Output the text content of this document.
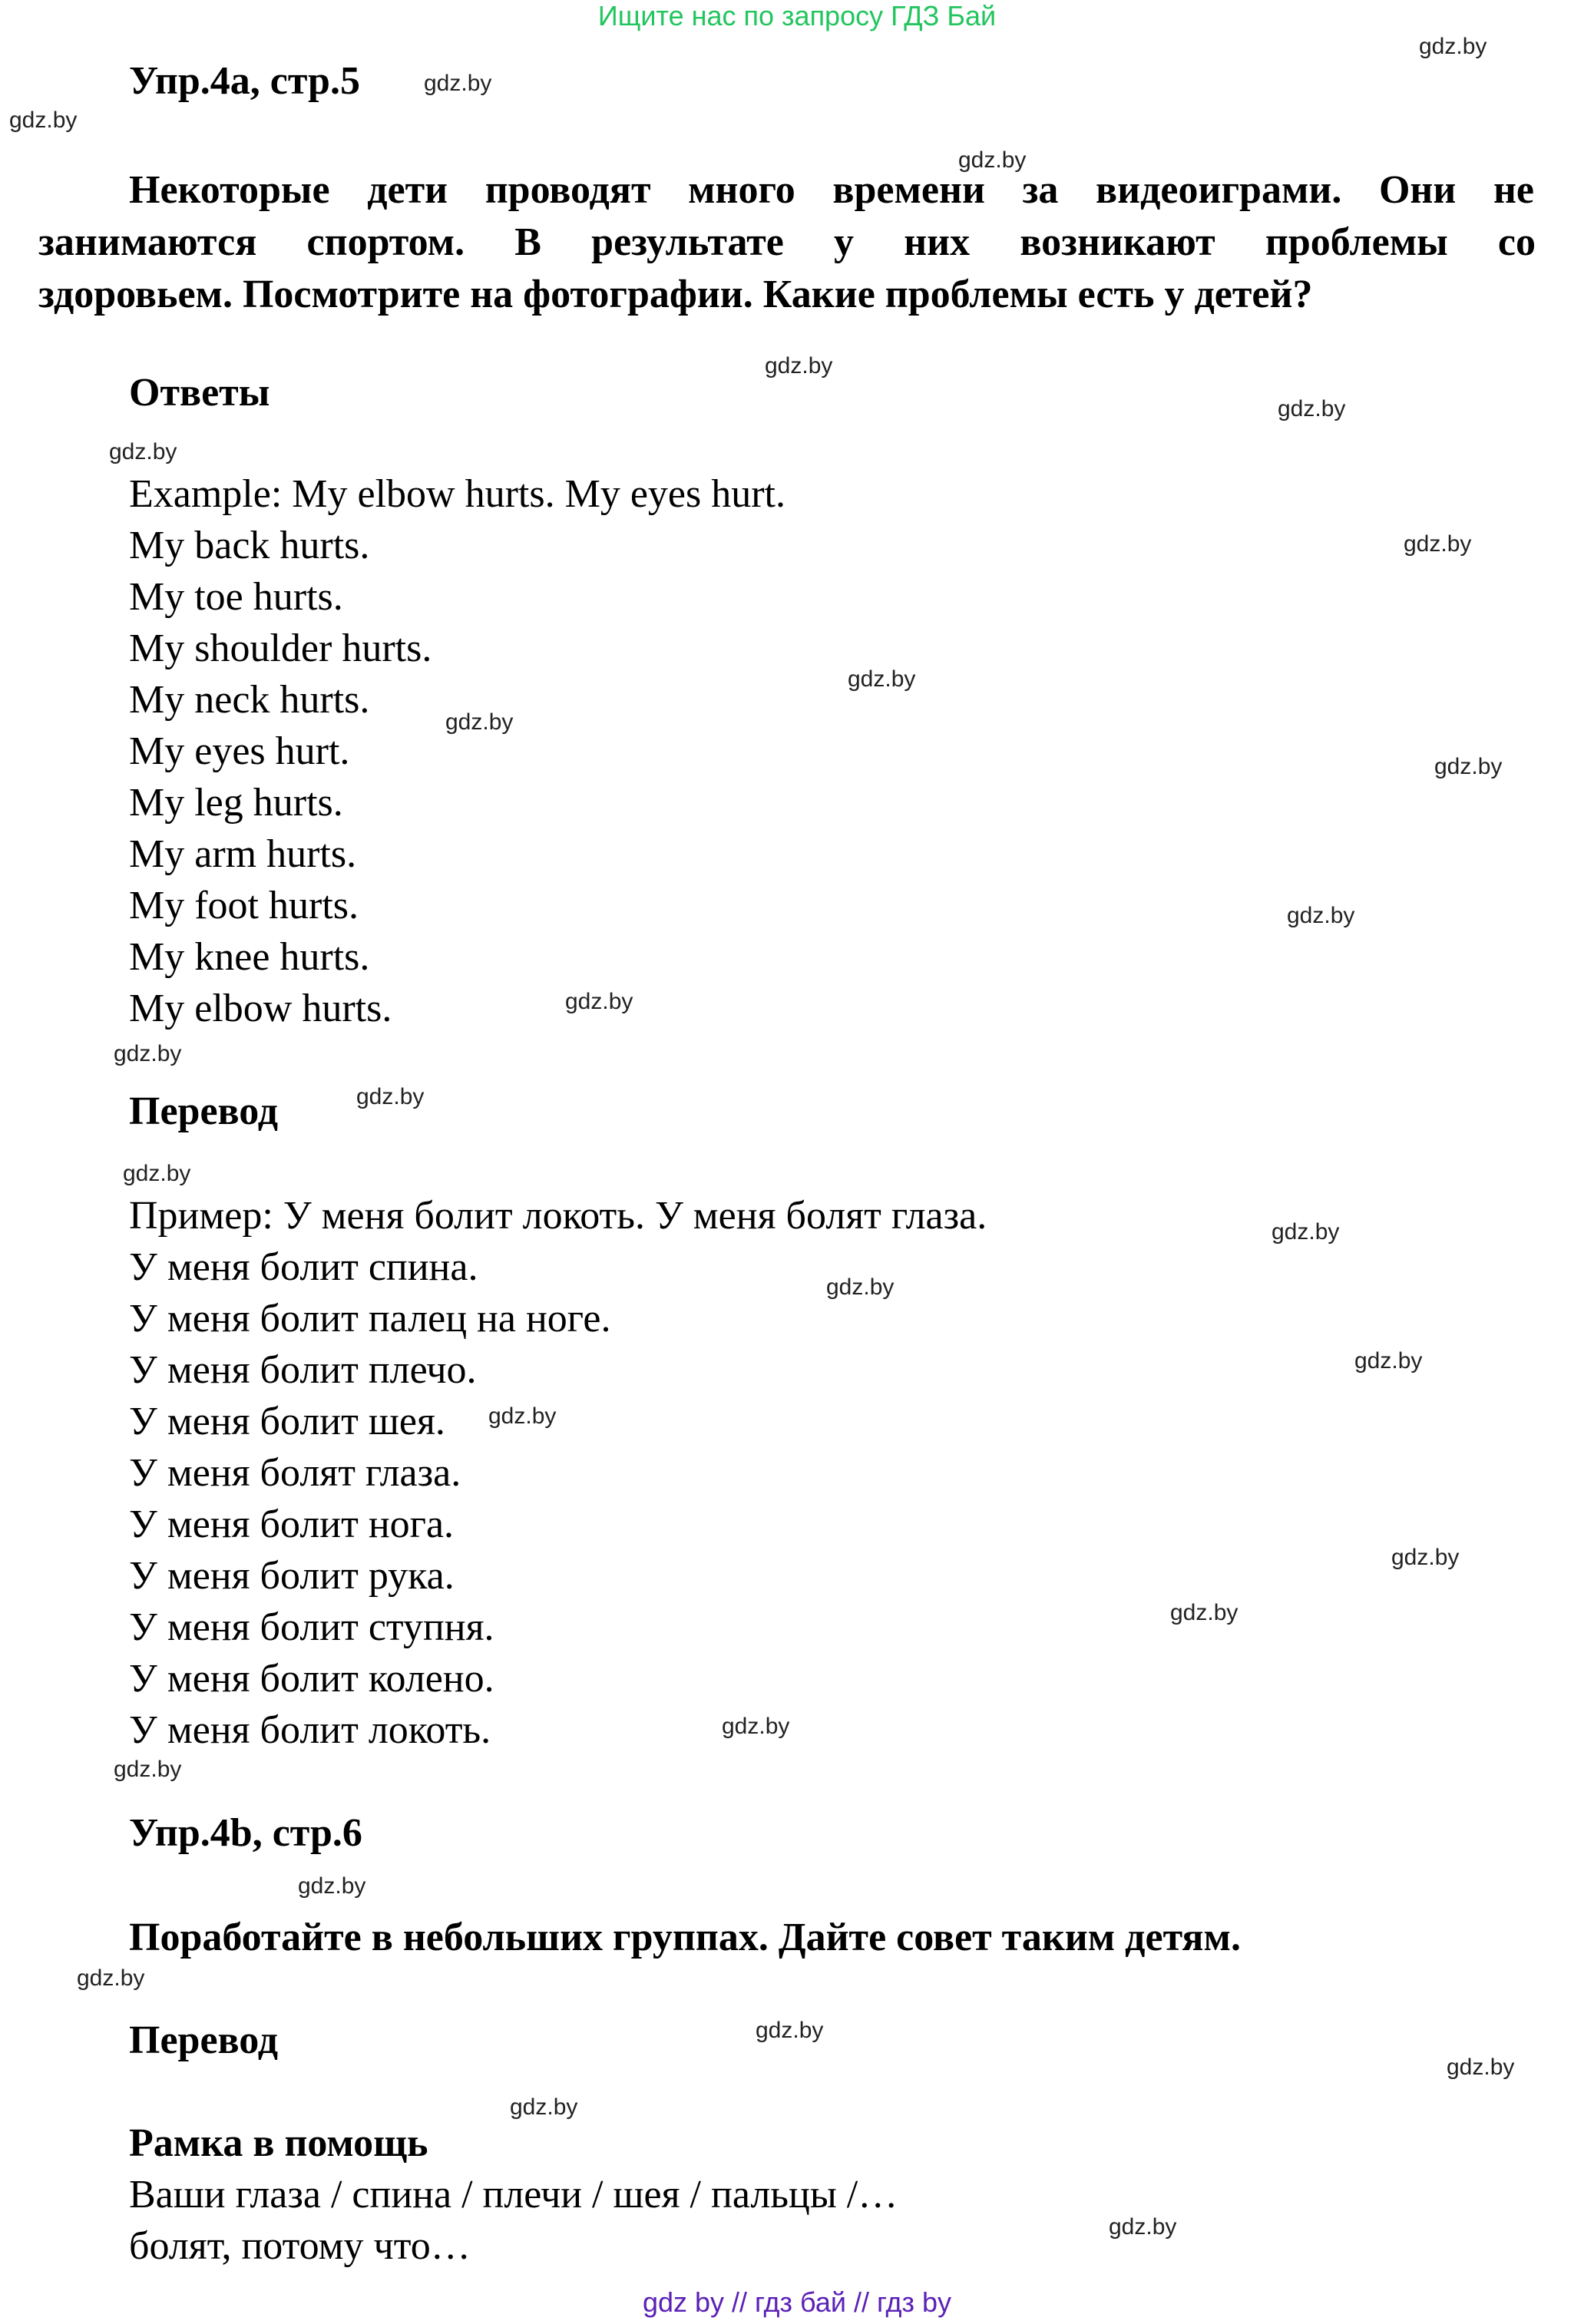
Ищите нас по запросу ГДЗ Бай
Упр.4а, стр.5
Некоторые дети проводят много времени за видеоиграми. Они не
занимаются спортом. В результате у них возникают проблемы со
здоровьем. Посмотрите на фотографии. Какие проблемы есть у детей?
Ответы
Example: My elbow hurts. My eyes hurt.
My back hurts.
My toe hurts.
My shoulder hurts.
My neck hurts.
My eyes hurt.
My leg hurts.
My arm hurts.
My foot hurts.
My knee hurts.
My elbow hurts.
Перевод
Пример: У меня болит локоть. У меня болят глаза.
У меня болит спина.
У меня болит палец на ноге.
У меня болит плечо.
У меня болит шея.
У меня болят глаза.
У меня болит нога.
У меня болит рука.
У меня болит ступня.
У меня болит колено.
У меня болит локоть.
Упр.4b, стр.6
Поработайте в небольших группах. Дайте совет таким детям.
Перевод
Рамка в помощь
Ваши глаза / спина / плечи / шея / пальцы /…
болят, потому что…
gdz.by
gdz.by
gdz.by
gdz.by
gdz.by
gdz.by
gdz.by
gdz.by
gdz.by
gdz.by
gdz.by
gdz.by
gdz.by
gdz.by
gdz.by
gdz.by
gdz.by
gdz.by
gdz.by
gdz.by
gdz.by
gdz.by
gdz.by
gdz.by
gdz.by
gdz.by
gdz.by
gdz.by
gdz.by
gdz.by
gdz by // гдз бай // гдз by
